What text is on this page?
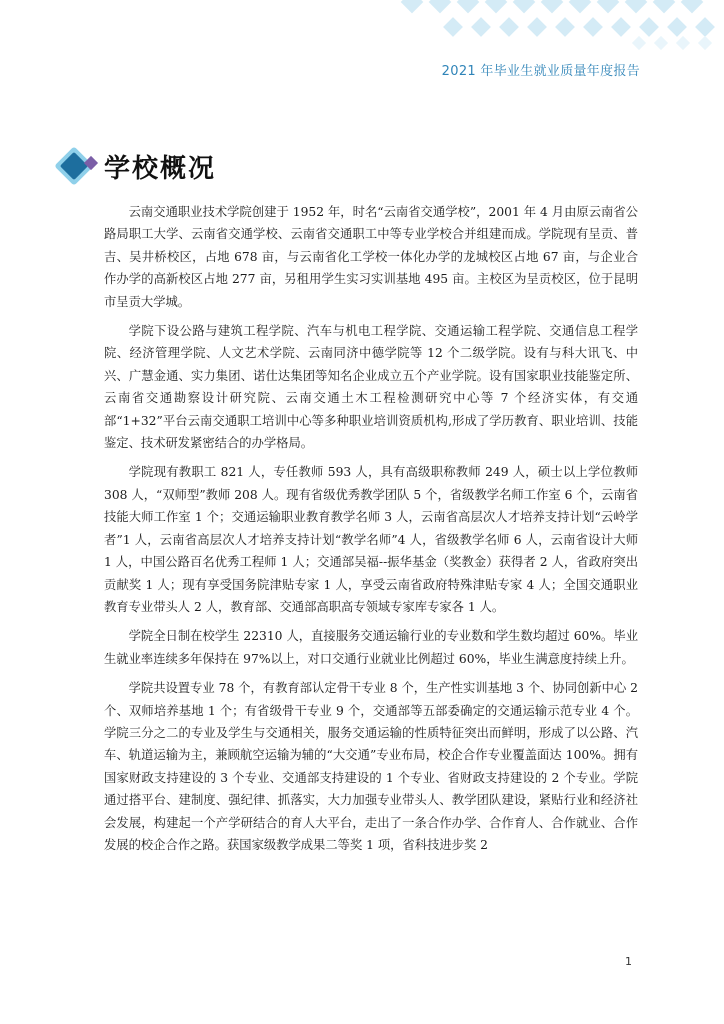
2021 年毕业生就业质量年度报告
学校概况

云南交通职业技术学院创建于 1952 年，时名“云南省交通学校”，2001 年 4 月由原云南省公路局职工大学、云南省交通学校、云南省交通职工中等专业学校合并组建而成。学院现有呈贡、普吉、吴井桥校区，占地 678 亩，与云南省化工学校一体化办学的龙城校区占地 67 亩，与企业合作办学的高新校区占地 277 亩，另租用学生实习实训基地 495 亩。主校区为呈贡校区，位于昆明市呈贡大学城。

学院下设公路与建筑工程学院、汽车与机电工程学院、交通运输工程学院、交通信息工程学院、经济管理学院、人文艺术学院、云南同济中德学院等 12 个二级学院。设有与科大讯飞、中兴、广慧金通、实力集团、诺仕达集团等知名企业成立五个产业学院。设有国家职业技能鉴定所、云南省交通勘察设计研究院、云南交通土木工程检测研究中心等 7 个经济实体，有交通部“1+32”平台云南交通职工培训中心等多种职业培训资质机构,形成了学历教育、职业培训、技能鉴定、技术研发紧密结合的办学格局。

学院现有教职工 821 人，专任教师 593 人，具有高级职称教师 249 人，硕士以上学位教师 308 人，“双师型”教师 208 人。现有省级优秀教学团队 5 个，省级教学名师工作室 6 个，云南省技能大师工作室 1 个；交通运输职业教育教学名师 3 人，云南省高层次人才培养支持计划“云岭学者”1 人，云南省高层次人才培养支持计划“教学名师”4 人，省级教学名师 6 人，云南省设计大师 1 人，中国公路百名优秀工程师 1 人；交通部吴福--振华基金（奖教金）获得者 2 人，省政府突出贡献奖 1 人；现有享受国务院津贴专家 1 人，享受云南省政府特殊津贴专家 4 人；全国交通职业教育专业带头人 2 人，教育部、交通部高职高专领域专家库专家各 1 人。

学院全日制在校学生 22310 人，直接服务交通运输行业的专业数和学生数均超过 60%。毕业生就业率连续多年保持在 97%以上，对口交通行业就业比例超过 60%，毕业生满意度持续上升。

学院共设置专业 78 个，有教育部认定骨干专业 8 个，生产性实训基地 3 个、协同创新中心 2 个、双师培养基地 1 个；有省级骨干专业 9 个，交通部等五部委确定的交通运输示范专业 4 个。学院三分之二的专业及学生与交通相关，服务交通运输的性质特征突出而鲜明，形成了以公路、汽车、轨道运输为主，兼顾航空运输为辅的“大交通”专业布局，校企合作专业覆盖面达 100%。拥有国家财政支持建设的 3 个专业、交通部支持建设的 1 个专业、省财政支持建设的 2 个专业。学院通过搭平台、建制度、强纪律、抓落实，大力加强专业带头人、教学团队建设，紧贴行业和经济社会发展，构建起一个产学研结合的育人大平台，走出了一条合作办学、合作育人、合作就业、合作发展的校企合作之路。获国家级教学成果二等奖 1 项，省科技进步奖 2

1
